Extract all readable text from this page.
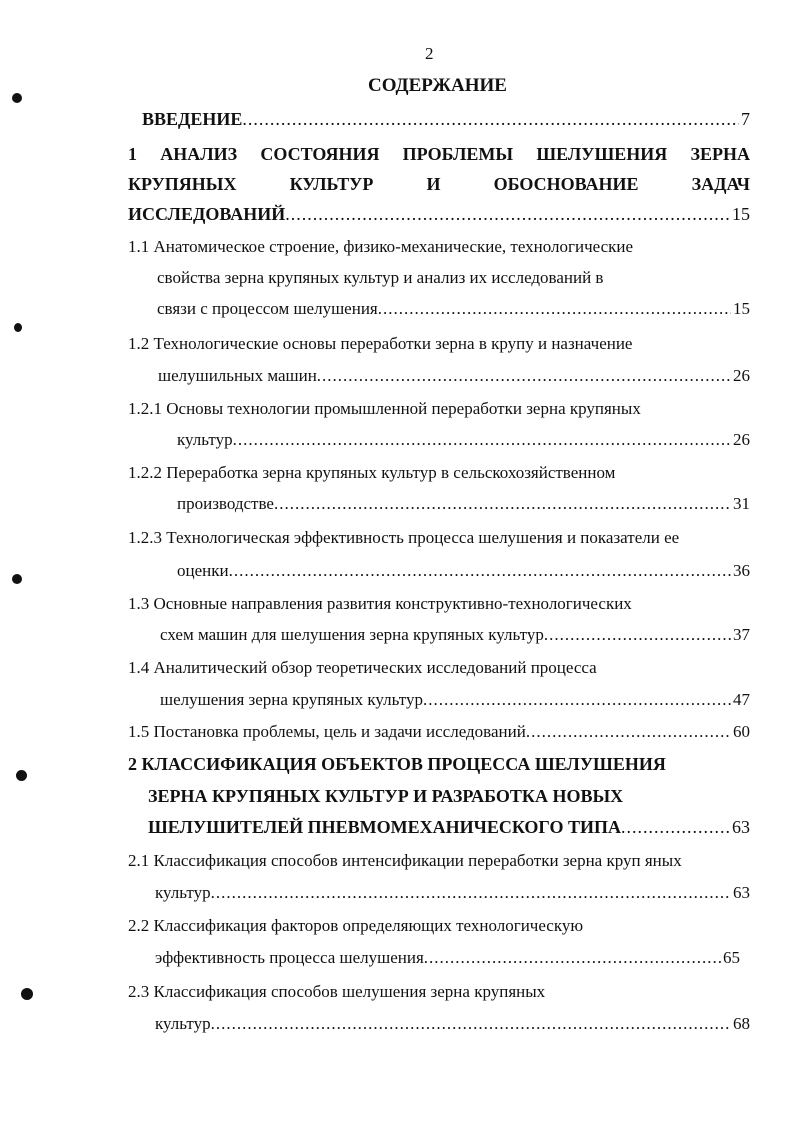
2
СОДЕРЖАНИЕ
ВВЕДЕНИЕ .....	7
1 АНАЛИЗ СОСТОЯНИЯ ПРОБЛЕМЫ ШЕЛУШЕНИЯ ЗЕРНА
КРУПЯНЫХ	КУЛЬТУР	И	ОБОСНОВАНИЕ	ЗАДАЧ
ИССЛЕДОВАНИЙ .....	15
1.1 Анатомическое строение, физико-механические, технологические
свойства зерна крупяных культур и анализ их исследований в
связи с процессом шелушения .....	15
1.2 Технологические основы переработки зерна в крупу и назначение
шелушильных машин .....	26
1.2.1 Основы технологии промышленной переработки зерна крупяных
культур .....	26
1.2.2 Переработка зерна крупяных культур в сельскохозяйственном
производстве .....	31
1.2.3 Технологическая эффективность процесса шелушения и показатели ее
оценки .....	36
1.3 Основные направления развития конструктивно-технологических
схем машин для шелушения зерна крупяных культур .....	37
1.4 Аналитический обзор теоретических исследований процесса
шелушения зерна крупяных культур .....	47
1.5 Постановка проблемы, цель и задачи исследований .....	60
2 КЛАССИФИКАЦИЯ ОБЪЕКТОВ ПРОЦЕССА ШЕЛУШЕНИЯ
ЗЕРНА КРУПЯНЫХ КУЛЬТУР И РАЗРАБОТКА НОВЫХ
ШЕЛУШИТЕЛЕЙ ПНЕВМОМЕХАНИЧЕСКОГО ТИПА .....	63
2.1 Классификация способов интенсификации переработки зерна круп яных
культур .....	63
2.2 Классификация факторов определяющих технологическую
эффективность процесса шелушения .....	65
2.3 Классификация способов шелушения зерна крупяных
культур .....	68
